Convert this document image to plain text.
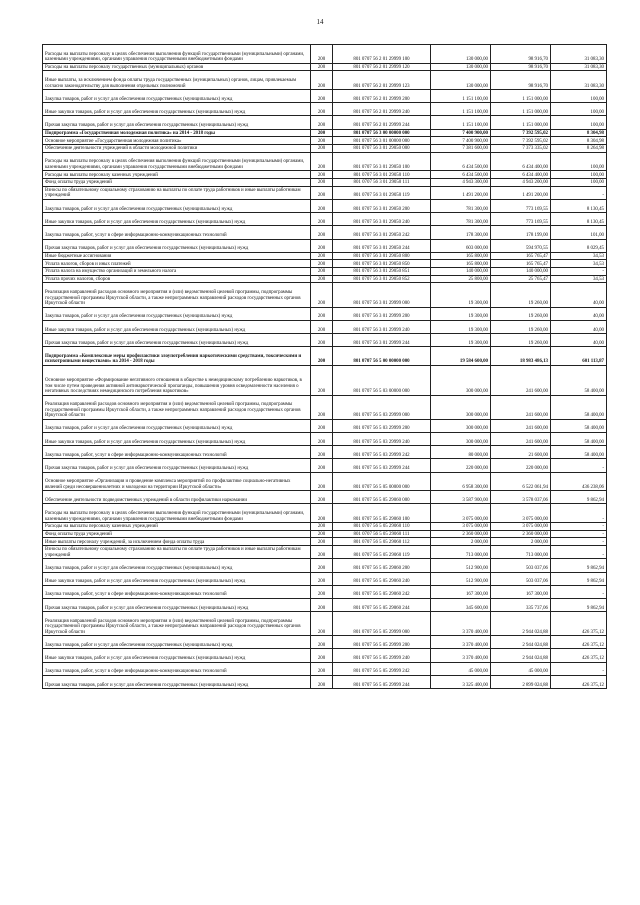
14
Расходы на выплаты персоналу в целях обеспечения выполнения функций государственными (муниципальными) органами, казенными учреждениями, органами управления государственными внебюджетными фондами	200	801 0707 56 2 01 29999 100	130 000,00	98 916,70	31 083,30
Расходы на выплаты персоналу государственных (муниципальных) органов	200	801 0707 56 2 01 29999 120	130 000,00	98 916,70	31 083,30
Иные выплаты, за исключением фонда оплаты труда государственных (муниципальных) органов, лицам, привлекаемым согласно законодательству для выполнения отдельных полномочий	200	801 0707 56 2 01 29999 123	130 000,00	98 916,70	31 083,30
Закупка товаров, работ и услуг для обеспечения государственных (муниципальных) нужд	200	801 0707 56 2 01 29999 200	1 151 100,00	1 151 000,00	100,00
Иные закупки товаров, работ и услуг для обеспечения государственных (муниципальных) нужд	200	801 0707 56 2 01 29999 240	1 151 100,00	1 151 000,00	100,00
Прочая закупка товаров, работ и услуг для обеспечения государственных (муниципальных) нужд	200	801 0707 56 2 01 29999 244	1 151 100,00	1 151 000,00	100,00
Подпрограмма «Государственная молодежная политика» на 2014 - 2018 годы	200	801 0707 56 3 00 00000 000	7 400 900,00	7 392 595,02	8 304,98
Основное мероприятие «Государственная молодежная политика»	200	801 0707 56 3 01 00000 000	7 400 900,00	7 392 595,02	8 304,98
Обеспечение деятельности учреждений в области молодежной политики	200	801 0707 56 3 01 29050 000	7 381 600,00	7 373 335,02	8 264,98
Расходы на выплаты персоналу в целях обеспечения выполнения функций государственными (муниципальными) органами, казенными учреждениями, органами управления государственными внебюджетными фондами	200	801 0707 56 3 01 29050 100	6 434 500,00	6 434 400,00	100,00
Расходы на выплаты персоналу казенных учреждений	200	801 0707 56 3 01 29050 110	6 434 500,00	6 434 400,00	100,00
Фонд оплаты труда учреждений	200	801 0707 56 3 01 29050 111	4 943 300,00	4 943 200,00	100,00
Взносы по обязательному социальному страхованию на выплаты по оплате труда работников и иные выплаты работникам учреждений	200	801 0707 56 3 01 29050 119	1 491 200,00	1 491 200,00	-
Закупка товаров, работ и услуг для обеспечения государственных (муниципальных) нужд	200	801 0707 56 3 01 29050 200	781 300,00	773 169,55	8 130,45
Иные закупки товаров, работ и услуг для обеспечения государственных (муниципальных) нужд	200	801 0707 56 3 01 29050 240	781 300,00	773 169,55	8 130,45
Закупка товаров, работ, услуг в сфере информационно-коммуникационных технологий	200	801 0707 56 3 01 29050 242	178 300,00	178 199,00	101,00
Прочая закупка товаров, работ и услуг для обеспечения государственных (муниципальных) нужд	200	801 0707 56 3 01 29050 244	603 000,00	594 970,55	8 029,45
Иные бюджетные ассигнования	200	801 0707 56 3 01 29050 800	165 800,00	165 765,47	34,53
Уплата налогов, сборов и иных платежей	200	801 0707 56 3 01 29050 850	165 800,00	165 765,47	34,53
Уплата налога на имущество организаций и земельного налога	200	801 0707 56 3 01 29050 851	140 000,00	140 000,00	-
Уплата прочих налогов, сборов	200	801 0707 56 3 01 29050 852	25 800,00	25 765,47	34,53
Реализация направлений расходов основного мероприятия и (или) ведомственной целевой программы, подпрограммы государственной программы Иркутской области, а также непрограммных направлений расходов государственных органов Иркутской области	200	801 0707 56 3 01 29999 000	19 300,00	19 260,00	40,00
Закупка товаров, работ и услуг для обеспечения государственных (муниципальных) нужд	200	801 0707 56 3 01 29999 200	19 300,00	19 260,00	40,00
Иные закупки товаров, работ и услуг для обеспечения государственных (муниципальных) нужд	200	801 0707 56 3 01 29999 240	19 300,00	19 260,00	40,00
Прочая закупка товаров, работ и услуг для обеспечения государственных (муниципальных) нужд	200	801 0707 56 3 01 29999 244	19 300,00	19 260,00	40,00
Подпрограмма «Комплексные меры профилактики злоупотребления наркотическими средствами, токсическими и психотропными веществами» на 2014 - 2018 годы	200	801 0707 56 5 00 00000 000	19 584 600,00	18 983 486,13	601 113,87
Основное мероприятие «Формирование негативного отношения в обществе к немедицинскому потреблению наркотиков, в том числе путем проведения активной антинаркотической пропаганды, повышения уровня осведомленности населения о негативных последствиях немедицинского потребления наркотиков»	200	801 0707 56 5 03 00000 000	300 000,00	241 600,00	58 400,00
Реализация направлений расходов основного мероприятия и (или) ведомственной целевой программы, подпрограммы государственной программы Иркутской области, а также непрограммных направлений расходов государственных органов Иркутской области	200	801 0707 56 5 03 29999 000	300 000,00	241 600,00	58 400,00
Закупка товаров, работ и услуг для обеспечения государственных (муниципальных) нужд	200	801 0707 56 5 03 29999 200	300 000,00	241 600,00	58 400,00
Иные закупки товаров, работ и услуг для обеспечения государственных (муниципальных) нужд	200	801 0707 56 5 03 29999 240	300 000,00	241 600,00	58 400,00
Закупка товаров, работ, услуг в сфере информационно-коммуникационных технологий	200	801 0707 56 5 03 29999 242	80 000,00	21 600,00	58 400,00
Прочая закупка товаров, работ и услуг для обеспечения государственных (муниципальных) нужд	200	801 0707 56 5 03 29999 244	220 000,00	220 000,00	-
Основное мероприятие «Организация и проведение комплекса мероприятий по профилактике социально-негативных явлений среди несовершеннолетних и молодежи на территории Иркутской области»	200	801 0707 56 5 05 00000 000	6 958 300,00	6 522 061,94	436 238,06
Обеспечение деятельности подведомственных учреждений в области профилактики наркомании	200	801 0707 56 5 05 29060 000	3 587 900,00	3 578 037,06	9 862,94
Расходы на выплаты персоналу в целях обеспечения выполнения функций государственными (муниципальными) органами, казенными учреждениями, органами управления государственными внебюджетными фондами	200	801 0707 56 5 05 29060 100	3 075 000,00	3 075 000,00	-
Расходы на выплаты персоналу казенных учреждений	200	801 0707 56 5 05 29060 110	3 075 000,00	3 075 000,00	-
Фонд оплаты труда учреждений	200	801 0707 56 5 05 29060 111	2 360 000,00	2 360 000,00	-
Иные выплаты персоналу учреждений, за исключением фонда оплаты труда	200	801 0707 56 5 05 29060 112	2 000,00	2 000,00	-
Взносы по обязательному социальному страхованию на выплаты по оплате труда работников и иные выплаты работникам учреждений	200	801 0707 56 5 05 29060 119	713 000,00	713 000,00	-
Закупка товаров, работ и услуг для обеспечения государственных (муниципальных) нужд	200	801 0707 56 5 05 29060 200	512 900,00	503 037,06	9 862,94
Иные закупки товаров, работ и услуг для обеспечения государственных (муниципальных) нужд	200	801 0707 56 5 05 29060 240	512 900,00	503 037,06	9 862,94
Закупка товаров, работ, услуг в сфере информационно-коммуникационных технологий	200	801 0707 56 5 05 29060 242	167 300,00	167 300,00	-
Прочая закупка товаров, работ и услуг для обеспечения государственных (муниципальных) нужд	200	801 0707 56 5 05 29060 244	345 600,00	335 737,06	9 862,94
Реализация направлений расходов основного мероприятия и (или) ведомственной целевой программы, подпрограммы государственной программы Иркутской области, а также непрограммных направлений расходов государственных органов Иркутской области	200	801 0707 56 5 05 29999 000	3 370 400,00	2 944 024,88	426 375,12
Закупка товаров, работ и услуг для обеспечения государственных (муниципальных) нужд	200	801 0707 56 5 05 29999 200	3 370 400,00	2 944 024,88	426 375,12
Иные закупки товаров, работ и услуг для обеспечения государственных (муниципальных) нужд	200	801 0707 56 5 05 29999 240	3 370 400,00	2 944 024,88	426 375,12
Закупка товаров, работ, услуг в сфере информационно-коммуникационных технологий	200	801 0707 56 5 05 29999 242	45 000,00	45 000,00	-
Прочая закупка товаров, работ и услуг для обеспечения государственных (муниципальных) нужд	200	801 0707 56 5 05 29999 244	3 325 400,00	2 899 024,88	426 375,12
